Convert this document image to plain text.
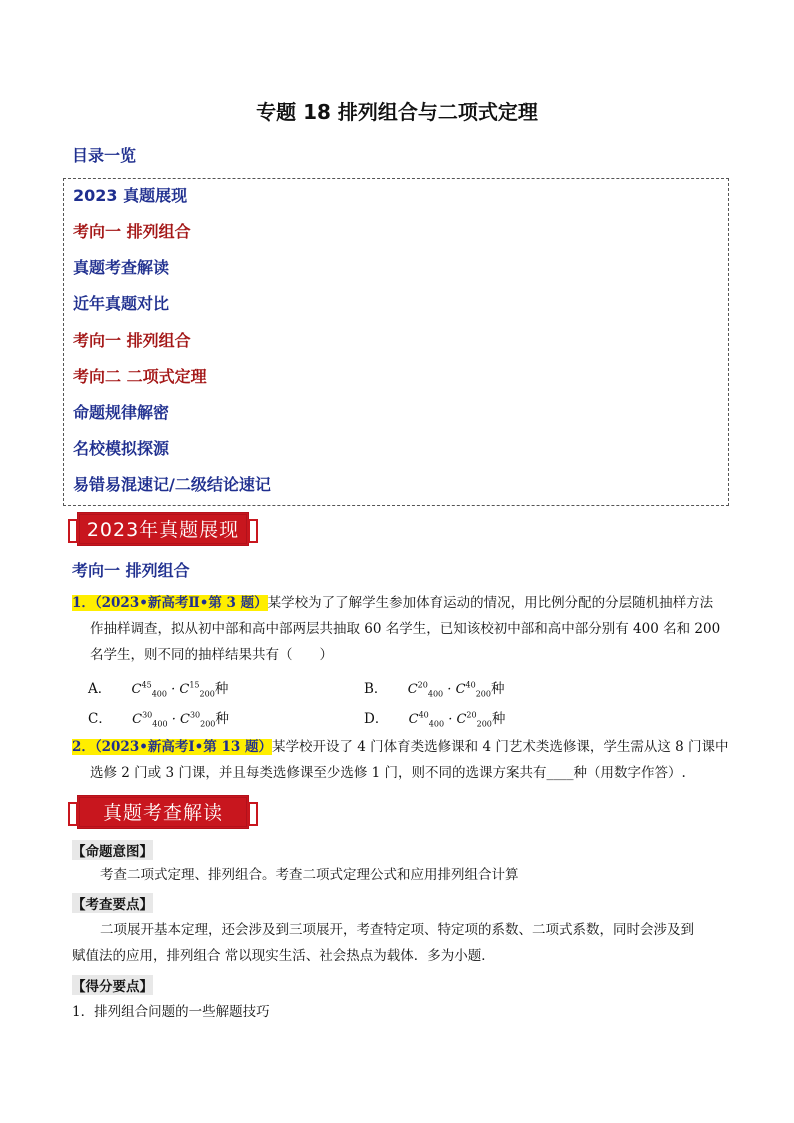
专题 18 排列组合与二项式定理
目录一览
2023 真题展现
考向一 排列组合
真题考查解读
近年真题对比
考向一 排列组合
考向二 二项式定理
命题规律解密
名校模拟探源
易错易混速记/二级结论速记
2023年真题展现
考向一 排列组合
1．（2023•新高考Ⅱ•第 3 题）某学校为了了解学生参加体育运动的情况，用比例分配的分层随机抽样方法
作抽样调查，拟从初中部和高中部两层共抽取 60 名学生，已知该校初中部和高中部分别有 400 名和 200
名学生，则不同的抽样结果共有（　　）
A． $C^{45}_{400} \cdot C^{15}_{200}$种	B． $C^{20}_{400} \cdot C^{40}_{200}$种
C． $C^{30}_{400} \cdot C^{30}_{200}$种	D． $C^{40}_{400} \cdot C^{20}_{200}$种
2．（2023•新高考Ⅰ•第 13 题）某学校开设了 4 门体育类选修课和 4 门艺术类选修课，学生需从这 8 门课中
选修 2 门或 3 门课，并且每类选修课至少选修 1 门，则不同的选课方案共有____种（用数字作答）.
真题考查解读
【命题意图】
考查二项式定理、排列组合。考查二项式定理公式和应用排列组合计算
【考查要点】
二项展开基本定理，还会涉及到三项展开，考查特定项、特定项的系数、二项式系数，同时会涉及到
赋值法的应用，排列组合 常以现实生活、社会热点为载体．多为小题．
【得分要点】
1．排列组合问题的一些解题技巧
